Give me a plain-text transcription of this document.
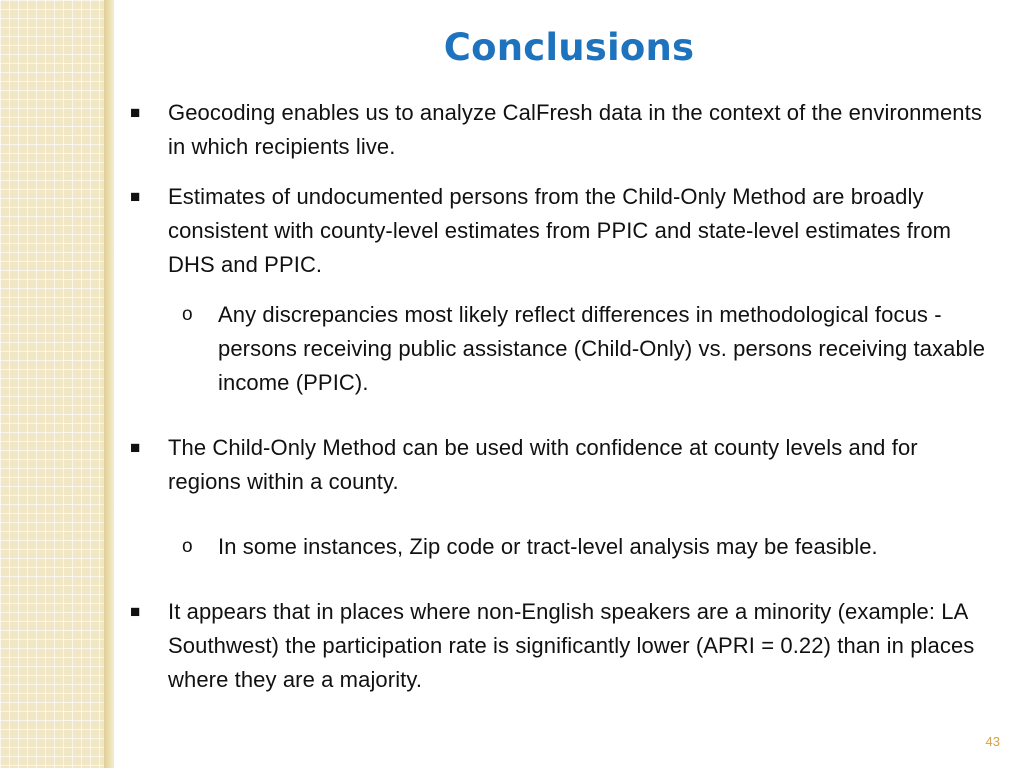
Conclusions
■ Geocoding enables us to analyze CalFresh data in the context of the environments in which recipients live.
■ Estimates of undocumented persons from the Child-Only Method are broadly consistent with county-level estimates from PPIC and state-level estimates from DHS and PPIC.
o Any discrepancies most likely reflect differences in methodological focus - persons receiving public assistance (Child-Only) vs. persons receiving taxable income (PPIC).
■ The Child-Only Method can be used with confidence at county levels and for regions within a county.
o In some instances, Zip code or tract-level analysis may be feasible.
■ It appears that in places where non-English speakers are a minority (example: LA Southwest) the participation rate is significantly lower (APRI = 0.22) than in places where they are a majority.
43
